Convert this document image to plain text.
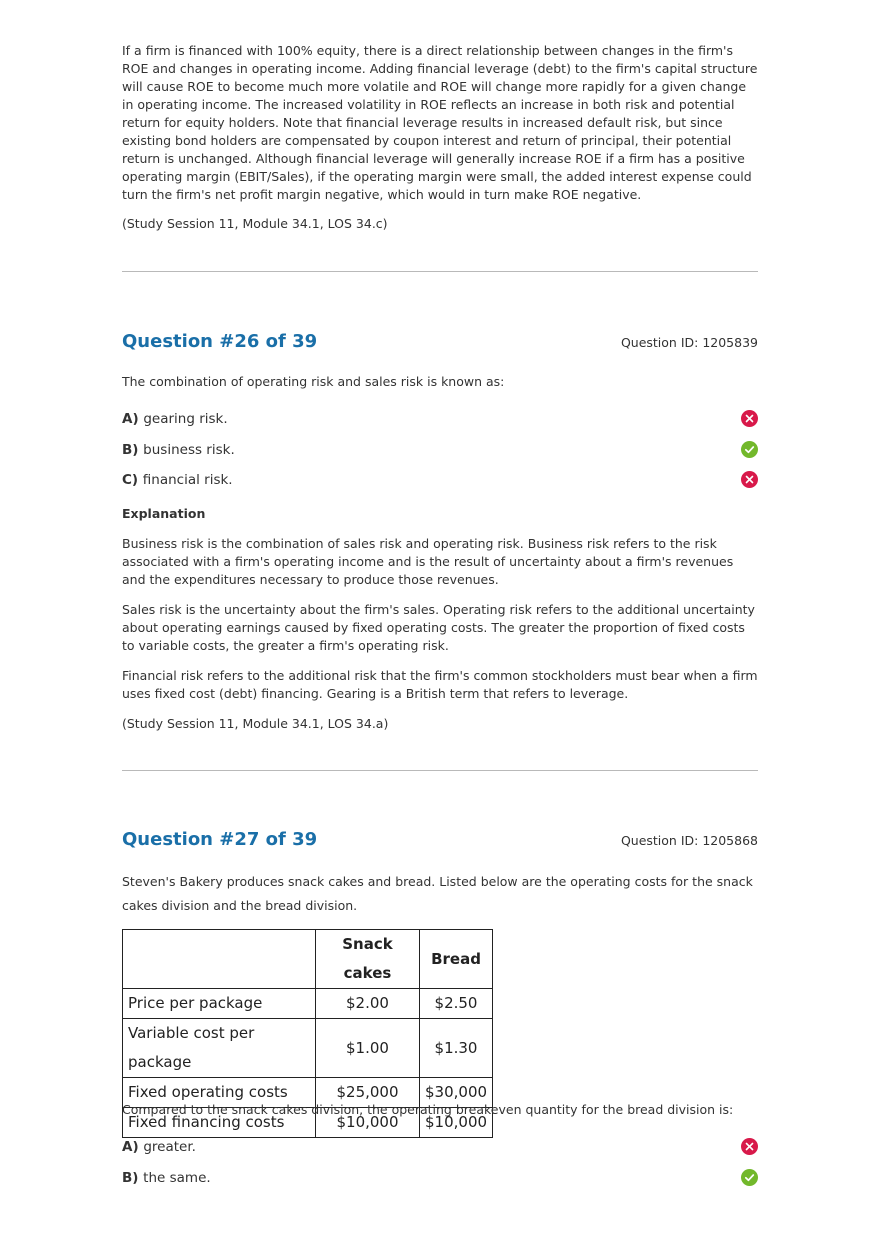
If a firm is financed with 100% equity, there is a direct relationship between changes in the firm's ROE and changes in operating income. Adding financial leverage (debt) to the firm's capital structure will cause ROE to become much more volatile and ROE will change more rapidly for a given change in operating income. The increased volatility in ROE reflects an increase in both risk and potential return for equity holders. Note that financial leverage results in increased default risk, but since existing bond holders are compensated by coupon interest and return of principal, their potential return is unchanged. Although financial leverage will generally increase ROE if a firm has a positive operating margin (EBIT/Sales), if the operating margin were small, the added interest expense could turn the firm's net profit margin negative, which would in turn make ROE negative.

(Study Session 11, Module 34.1, LOS 34.c)

Question #26 of 39	Question ID: 1205839

The combination of operating risk and sales risk is known as:

A) gearing risk.
B) business risk.
C) financial risk.
Explanation

Business risk is the combination of sales risk and operating risk. Business risk refers to the risk associated with a firm's operating income and is the result of uncertainty about a firm's revenues and the expenditures necessary to produce those revenues.

Sales risk is the uncertainty about the firm's sales. Operating risk refers to the additional uncertainty about operating earnings caused by fixed operating costs. The greater the proportion of fixed costs to variable costs, the greater a firm's operating risk.

Financial risk refers to the additional risk that the firm's common stockholders must bear when a firm uses fixed cost (debt) financing. Gearing is a British term that refers to leverage.

(Study Session 11, Module 34.1, LOS 34.a)

Question #27 of 39	Question ID: 1205868

Steven's Bakery produces snack cakes and bread. Listed below are the operating costs for the snack cakes division and the bread division.

	Snack cakes	Bread
Price per package	$2.00	$2.50
Variable cost per package	$1.00	$1.30
Fixed operating costs	$25,000	$30,000
Fixed financing costs	$10,000	$10,000

Compared to the snack cakes division, the operating breakeven quantity for the bread division is:

A) greater.
B) the same.
